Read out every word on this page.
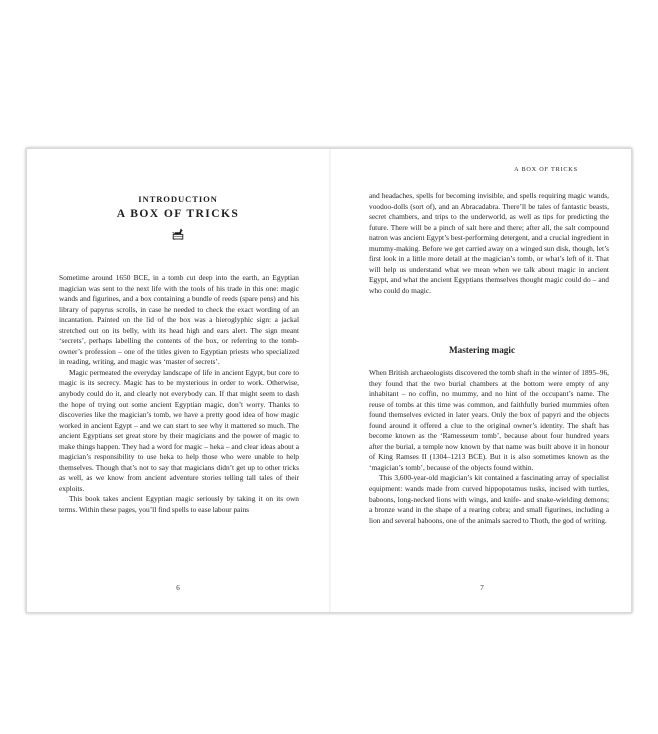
INTRODUCTION
A BOX OF TRICKS

Sometime around 1650 BCE, in a tomb cut deep into the earth, an Egyptian magician was sent to the next life with the tools of his trade in this one: magic wands and figurines, and a box containing a bundle of reeds (spare pens) and his library of papyrus scrolls, in case he needed to check the exact wording of an incantation. Painted on the lid of the box was a hieroglyphic sign: a jackal stretched out on its belly, with its head high and ears alert. The sign meant ‘secrets’, perhaps labelling the contents of the box, or referring to the tomb-owner’s profession – one of the titles given to Egyptian priests who specialized in reading, writing, and magic was ‘master of secrets’.

Magic permeated the everyday landscape of life in ancient Egypt, but core to magic is its secrecy. Magic has to be mysterious in order to work. Otherwise, anybody could do it, and clearly not everybody can. If that might seem to dash the hope of trying out some ancient Egyptian magic, don’t worry. Thanks to discoveries like the magician’s tomb, we have a pretty good idea of how magic worked in ancient Egypt – and we can start to see why it mattered so much. The ancient Egyptians set great store by their magicians and the power of magic to make things happen. They had a word for magic – heka – and clear ideas about a magician’s responsibility to use heka to help those who were unable to help themselves. Though that’s not to say that magicians didn’t get up to other tricks as well, as we know from ancient adventure stories telling tall tales of their exploits.

This book takes ancient Egyptian magic seriously by taking it on its own terms. Within these pages, you’ll find spells to ease labour pains

6
A BOX OF TRICKS

and headaches, spells for becoming invisible, and spells requiring magic wands, voodoo-dolls (sort of), and an Abracadabra. There’ll be tales of fantastic beasts, secret chambers, and trips to the underworld, as well as tips for predicting the future. There will be a pinch of salt here and there; after all, the salt compound natron was ancient Egypt’s best-performing detergent, and a crucial ingredient in mummy-making. Before we get carried away on a winged sun disk, though, let’s first look in a little more detail at the magician’s tomb, or what’s left of it. That will help us understand what we mean when we talk about magic in ancient Egypt, and what the ancient Egyptians themselves thought magic could do – and who could do magic.

Mastering magic

When British archaeologists discovered the tomb shaft in the winter of 1895–96, they found that the two burial chambers at the bottom were empty of any inhabitant – no coffin, no mummy, and no hint of the occupant’s name. The reuse of tombs at this time was common, and faithfully buried mummies often found themselves evicted in later years. Only the box of papyri and the objects found around it offered a clue to the original owner’s identity. The shaft has become known as the ‘Ramesseum tomb’, because about four hundred years after the burial, a temple now known by that name was built above it in honour of King Ramses II (1304–1213 BCE). But it is also sometimes known as the ‘magician’s tomb’, because of the objects found within.

This 3,600-year-old magician’s kit contained a fascinating array of specialist equipment: wands made from curved hippopotamus tusks, incised with turtles, baboons, long-necked lions with wings, and knife- and snake-wielding demons; a bronze wand in the shape of a rearing cobra; and small figurines, including a lion and several baboons, one of the animals sacred to Thoth, the god of writing.

7
